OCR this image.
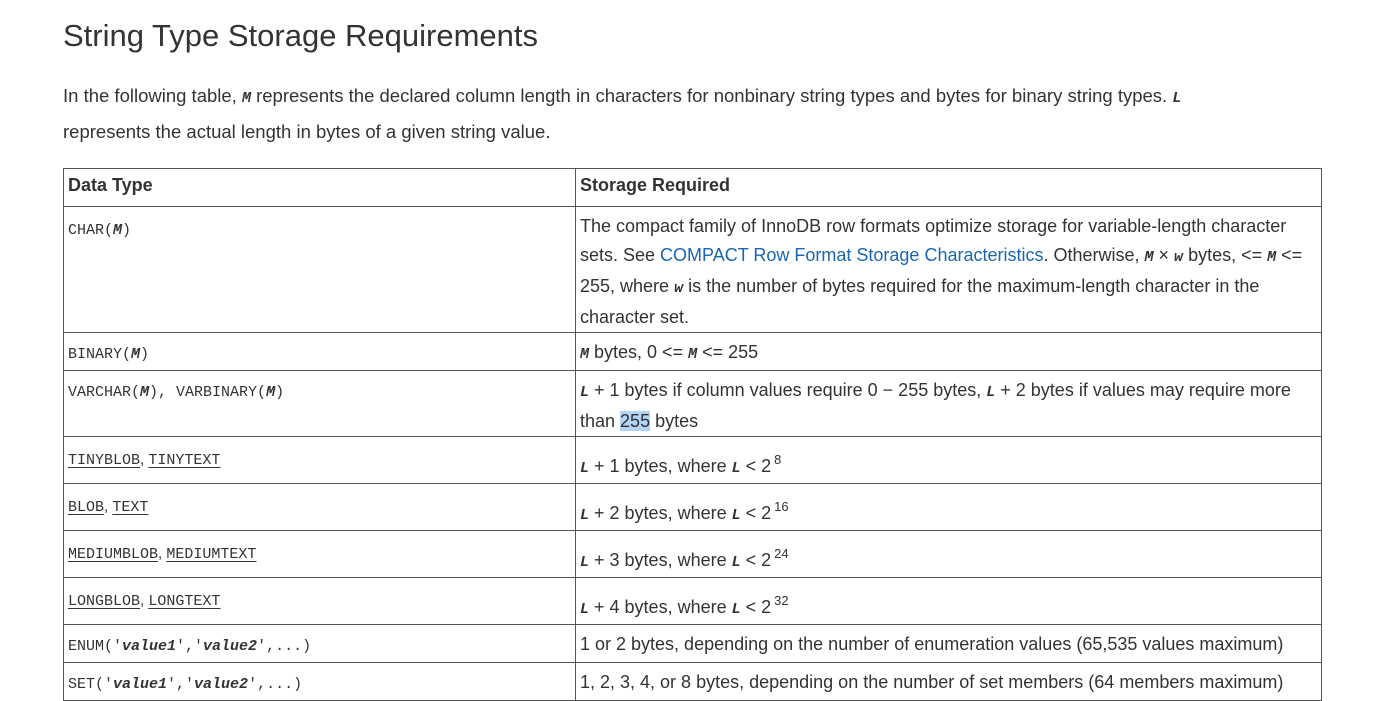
String Type Storage Requirements

In the following table, M represents the declared column length in characters for nonbinary string types and bytes for binary string types. L
represents the actual length in bytes of a given string value.

Data Type	Storage Required
CHAR(M)	The compact family of InnoDB row formats optimize storage for variable-length character sets. See COMPACT Row Format Storage Characteristics. Otherwise, M × w bytes, <= M <= 255, where w is the number of bytes required for the maximum-length character in the character set.
BINARY(M)	M bytes, 0 <= M <= 255
VARCHAR(M), VARBINARY(M)	L + 1 bytes if column values require 0 − 255 bytes, L + 2 bytes if values may require more than 255 bytes
TINYBLOB, TINYTEXT	L + 1 bytes, where L < 2 $^8$
BLOB, TEXT	L + 2 bytes, where L < 2 $^{16}$
MEDIUMBLOB, MEDIUMTEXT	L + 3 bytes, where L < 2 $^{24}$
LONGBLOB, LONGTEXT	L + 4 bytes, where L < 2 $^{32}$
ENUM('value1','value2',...)	1 or 2 bytes, depending on the number of enumeration values (65,535 values maximum)
SET('value1','value2',...)	1, 2, 3, 4, or 8 bytes, depending on the number of set members (64 members maximum)
